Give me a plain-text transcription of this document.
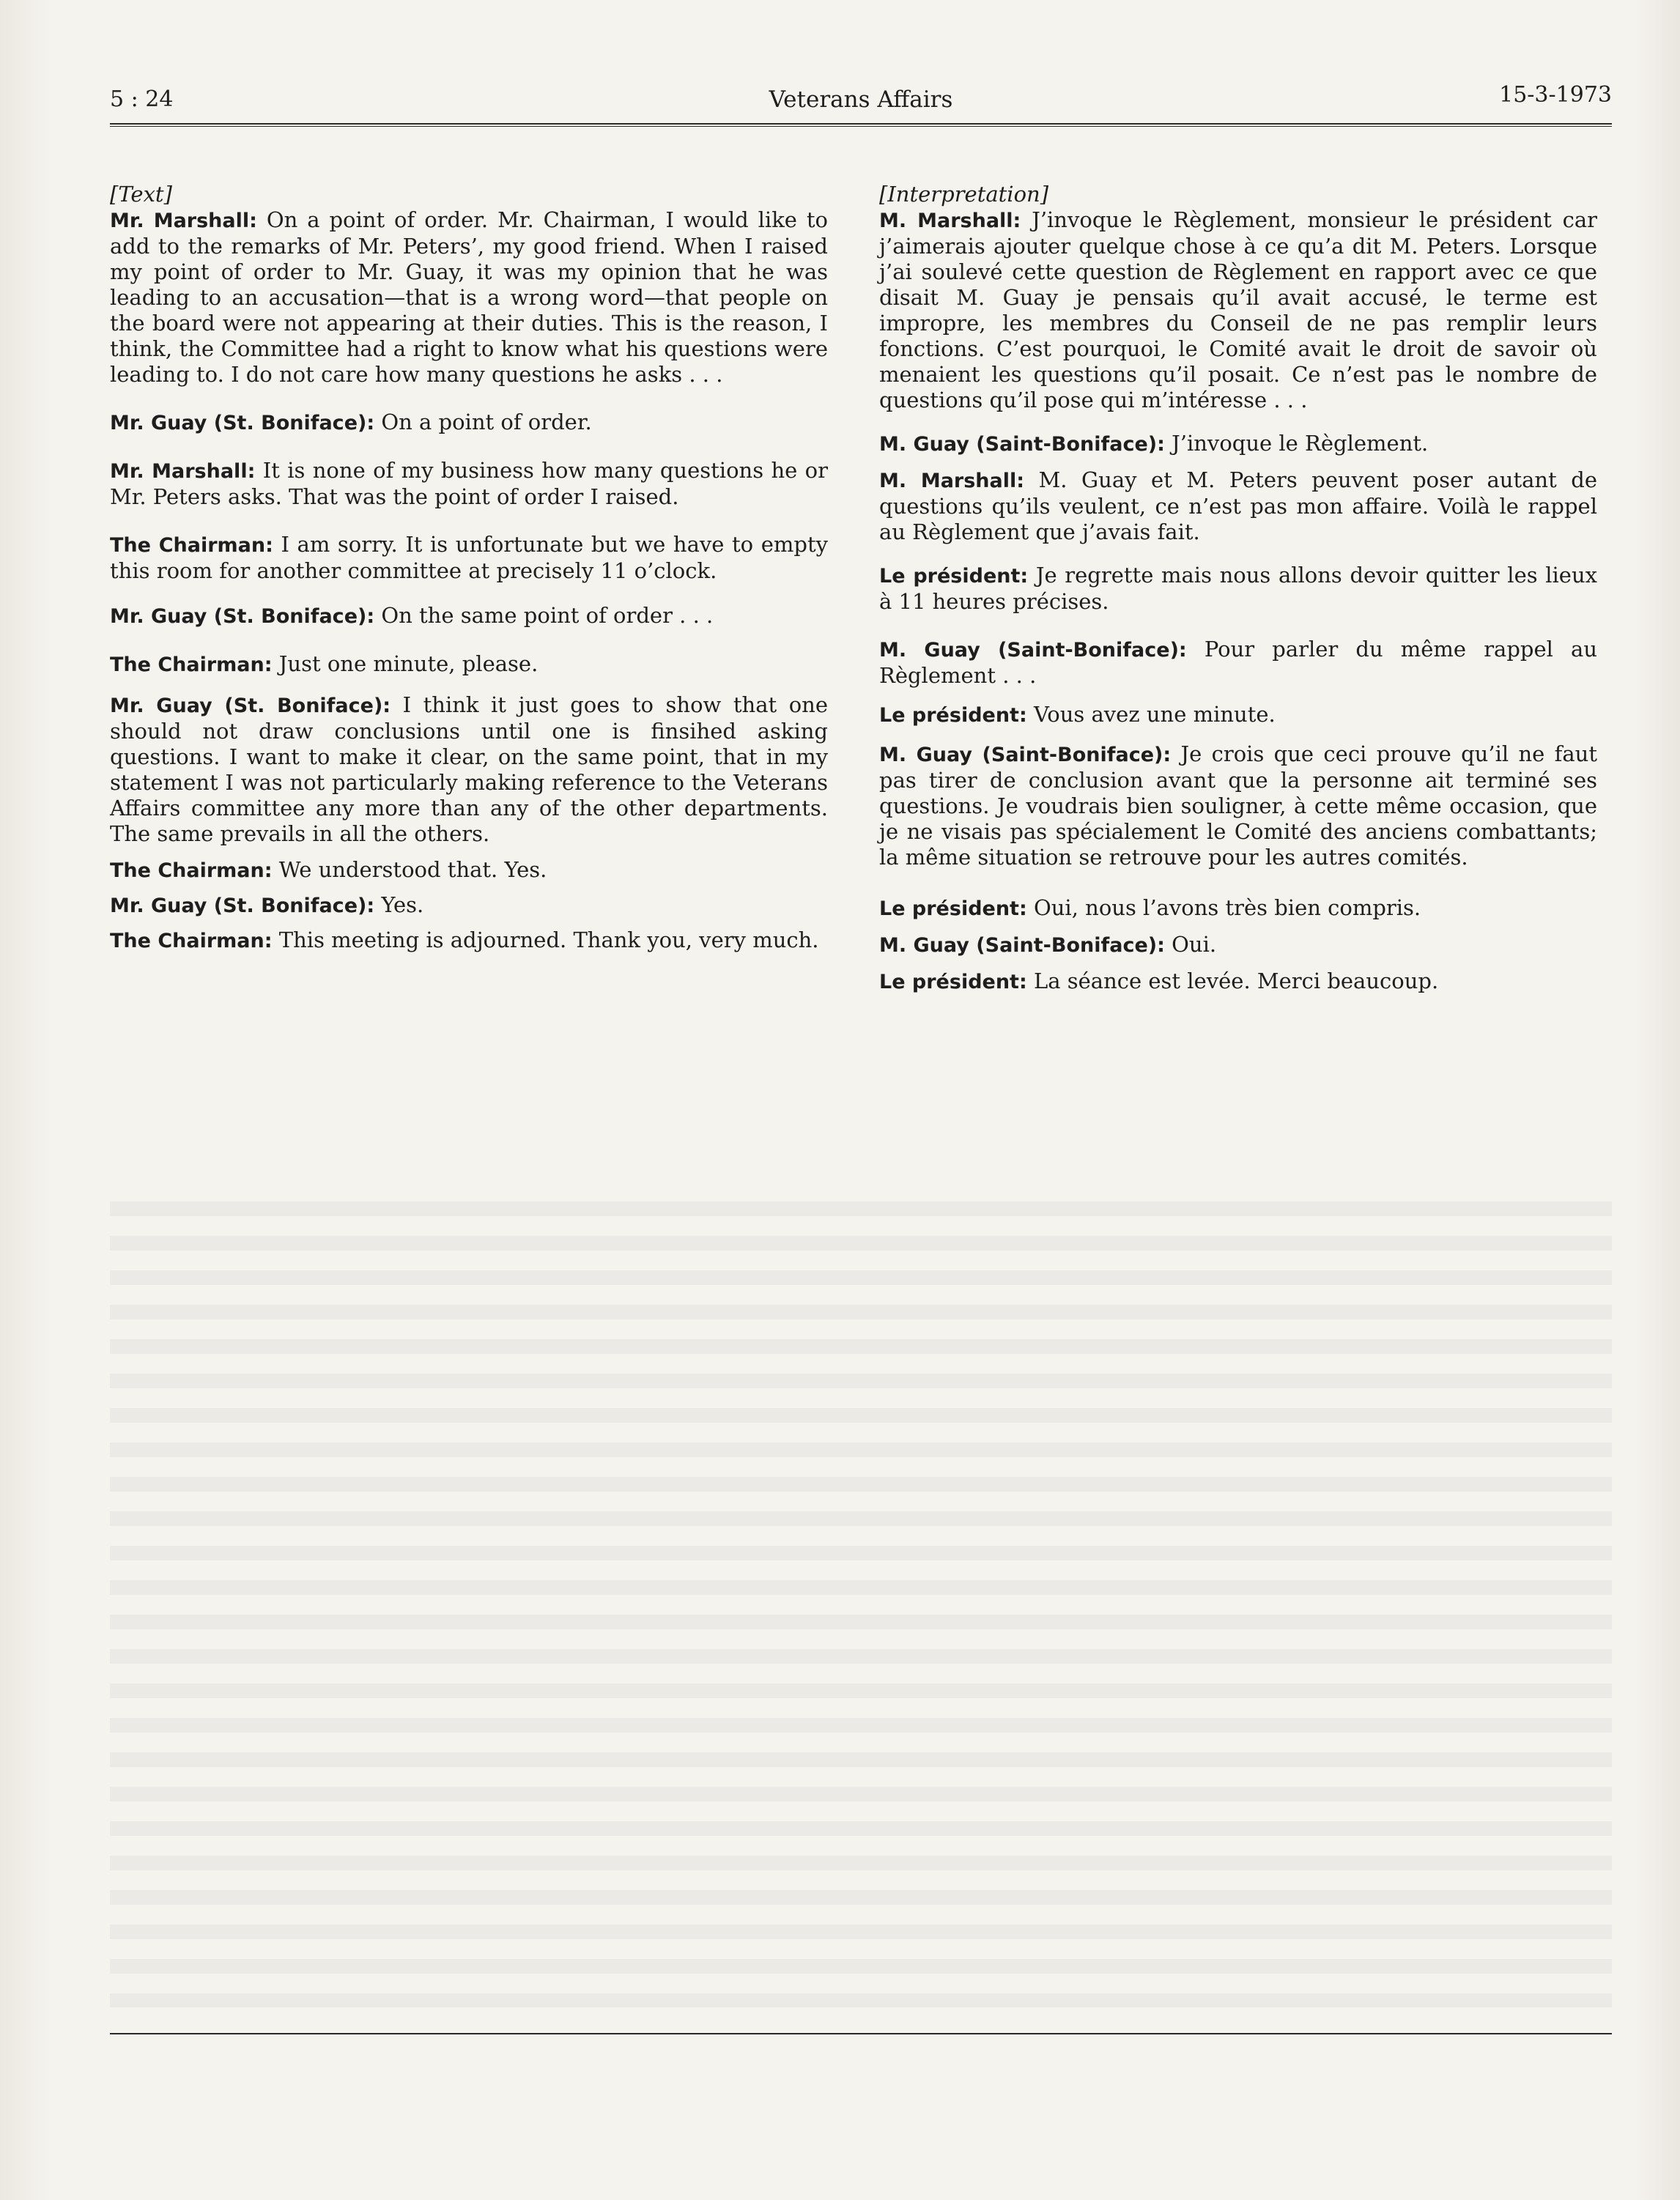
5 : 24	Veterans Affairs	15-3-1973

[Text]

Mr. Marshall: On a point of order. Mr. Chairman, I would like to add to the remarks of Mr. Peters’, my good friend. When I raised my point of order to Mr. Guay, it was my opinion that he was leading to an accusation—that is a wrong word—that people on the board were not appearing at their duties. This is the reason, I think, the Committee had a right to know what his questions were leading to. I do not care how many questions he asks . . .

Mr. Guay (St. Boniface): On a point of order.

Mr. Marshall: It is none of my business how many questions he or Mr. Peters asks. That was the point of order I raised.

The Chairman: I am sorry. It is unfortunate but we have to empty this room for another committee at precisely 11 o’clock.

Mr. Guay (St. Boniface): On the same point of order . . .

The Chairman: Just one minute, please.

Mr. Guay (St. Boniface): I think it just goes to show that one should not draw conclusions until one is finsihed asking questions. I want to make it clear, on the same point, that in my statement I was not particularly making reference to the Veterans Affairs committee any more than any of the other departments. The same prevails in all the others.

The Chairman: We understood that. Yes.

Mr. Guay (St. Boniface): Yes.

The Chairman: This meeting is adjourned. Thank you, very much.

[Interpretation]

M. Marshall: J’invoque le Règlement, monsieur le président car j’aimerais ajouter quelque chose à ce qu’a dit M. Peters. Lorsque j’ai soulevé cette question de Règlement en rapport avec ce que disait M. Guay je pensais qu’il avait accusé, le terme est impropre, les membres du Conseil de ne pas remplir leurs fonctions. C’est pourquoi, le Comité avait le droit de savoir où menaient les questions qu’il posait. Ce n’est pas le nombre de questions qu’il pose qui m’intéresse . . .

M. Guay (Saint-Boniface): J’invoque le Règlement.

M. Marshall: M. Guay et M. Peters peuvent poser autant de questions qu’ils veulent, ce n’est pas mon affaire. Voilà le rappel au Règlement que j’avais fait.

Le président: Je regrette mais nous allons devoir quitter les lieux à 11 heures précises.

M. Guay (Saint-Boniface): Pour parler du même rappel au Règlement . . .

Le président: Vous avez une minute.

M. Guay (Saint-Boniface): Je crois que ceci prouve qu’il ne faut pas tirer de conclusion avant que la personne ait terminé ses questions. Je voudrais bien souligner, à cette même occasion, que je ne visais pas spécialement le Comité des anciens combattants; la même situation se retrouve pour les autres comités.

Le président: Oui, nous l’avons très bien compris.

M. Guay (Saint-Boniface): Oui.

Le président: La séance est levée. Merci beaucoup.
